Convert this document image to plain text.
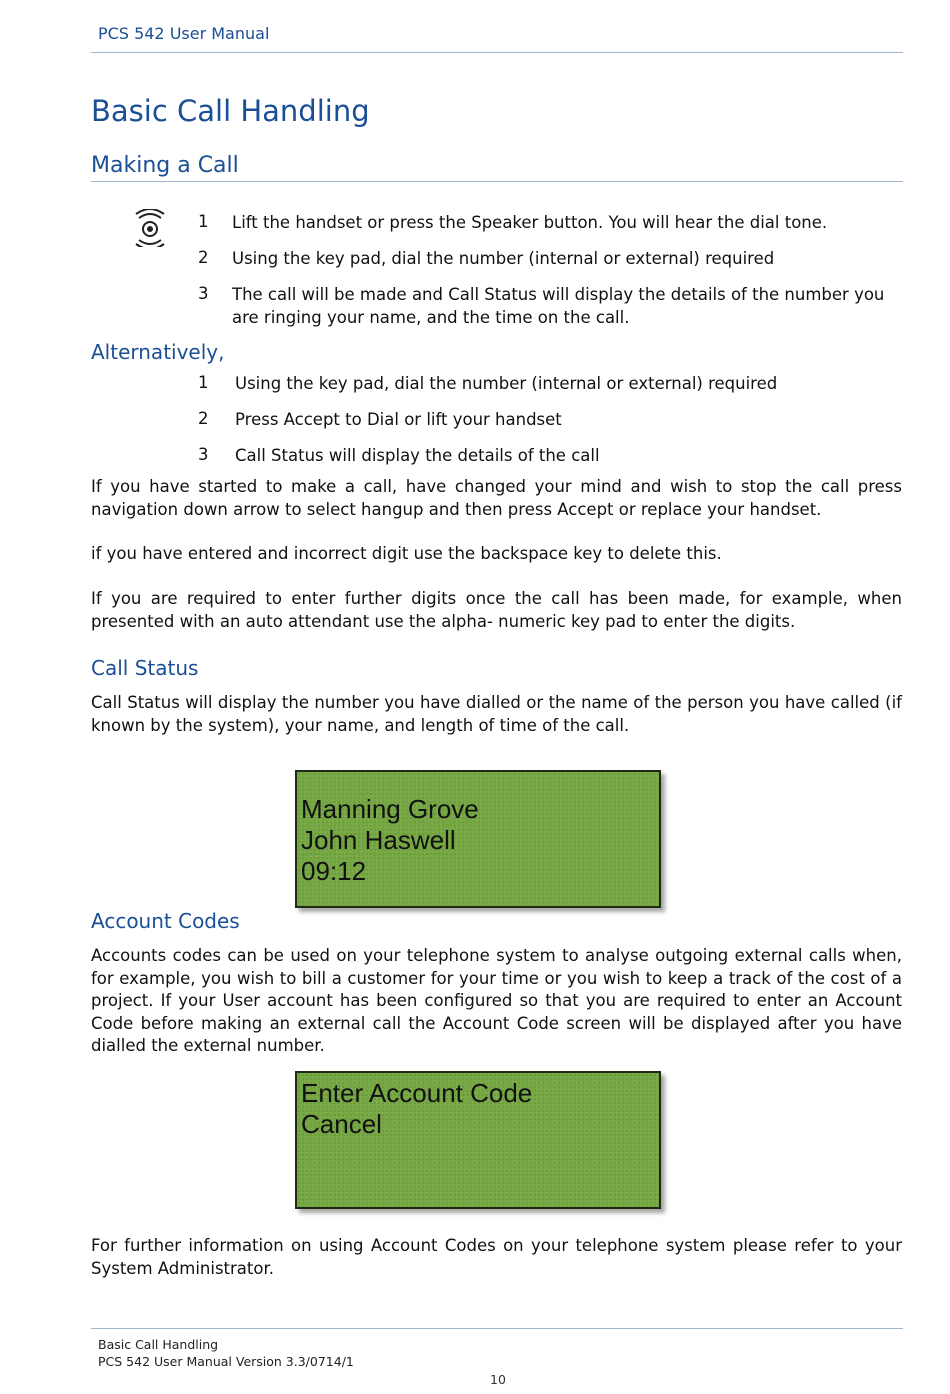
PCS 542 User Manual
Basic Call Handling
Making a Call
1	Lift the handset or press the Speaker button. You will hear the dial tone.
2	Using the key pad, dial the number (internal or external) required
3	The call will be made and Call Status will display the details of the number you are ringing your name, and the time on the call.
Alternatively,
1	Using the key pad, dial the number (internal or external) required
2	Press Accept to Dial or lift your handset
3	Call Status will display the details of the call
If you have started to make a call, have changed your mind and wish to stop the call press navigation down arrow to select hangup and then press Accept or replace your handset.
if you have entered and incorrect digit use the backspace key to delete this.
If you are required to enter further digits once the call has been made, for example, when presented with an auto attendant use the alpha- numeric key pad to enter the digits.
Call Status
Call Status will display the number you have dialled or the name of the person you have called (if known by the system), your name, and length of time of the call.
Manning Grove
John Haswell
09:12
Account Codes
Accounts codes can be used on your telephone system to analyse outgoing external calls when, for example, you wish to bill a customer for your time or you wish to keep a track of the cost of a project. If your User account has been configured so that you are required to enter an Account Code before making an external call the Account Code screen will be displayed after you have dialled the external number.
Enter Account Code
Cancel
For further information on using Account Codes on your telephone system please refer to your System Administrator.
Basic Call Handling
PCS 542 User Manual Version 3.3/0714/1
10
